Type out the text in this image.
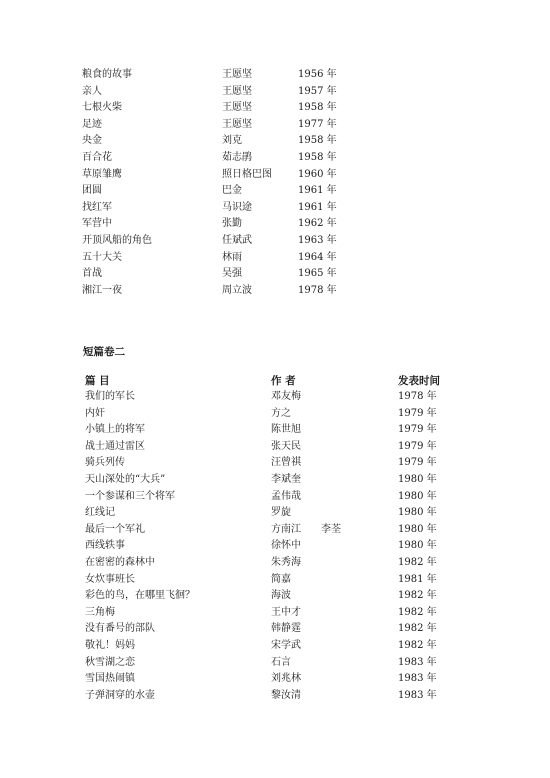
粮食的故事	王愿坚	1956 年
亲人	王愿坚	1957 年
七根火柴	王愿坚	1958 年
足迹	王愿坚	1977 年
央金	刘克	1958 年
百合花	茹志鹃	1958 年
草原雏鹰	照日格巴图	1960 年
团圆	巴金	1961 年
找红军	马识途	1961 年
军营中	张勤	1962 年
开顶风船的角色	任斌武	1963 年
五十大关	林雨	1964 年
首战	吴强	1965 年
湘江一夜	周立波	1978 年
短篇卷二
篇 目	作 者	发表时间
我们的军长	邓友梅	1978 年
内奸	方之	1979 年
小镇上的将军	陈世旭	1979 年
战士通过雷区	张天民	1979 年
骑兵列传	汪曾祺	1979 年
天山深处的“大兵”	李斌奎	1980 年
一个参谋和三个将军	孟伟哉	1980 年
红线记	罗旋	1980 年
最后一个军礼	方南江　　李荃	1980 年
西线轶事	徐怀中	1980 年
在密密的森林中	朱秀海	1982 年
女炊事班长	简嘉	1981 年
彩色的鸟，在哪里飞徊？	海波	1982 年
三角梅	王中才	1982 年
没有番号的部队	韩静霆	1982 年
敬礼！妈妈	宋学武	1982 年
秋雪湖之恋	石言	1983 年
雪国热闹镇	刘兆林	1983 年
子弹洞穿的水壶	黎汝清	1983 年
